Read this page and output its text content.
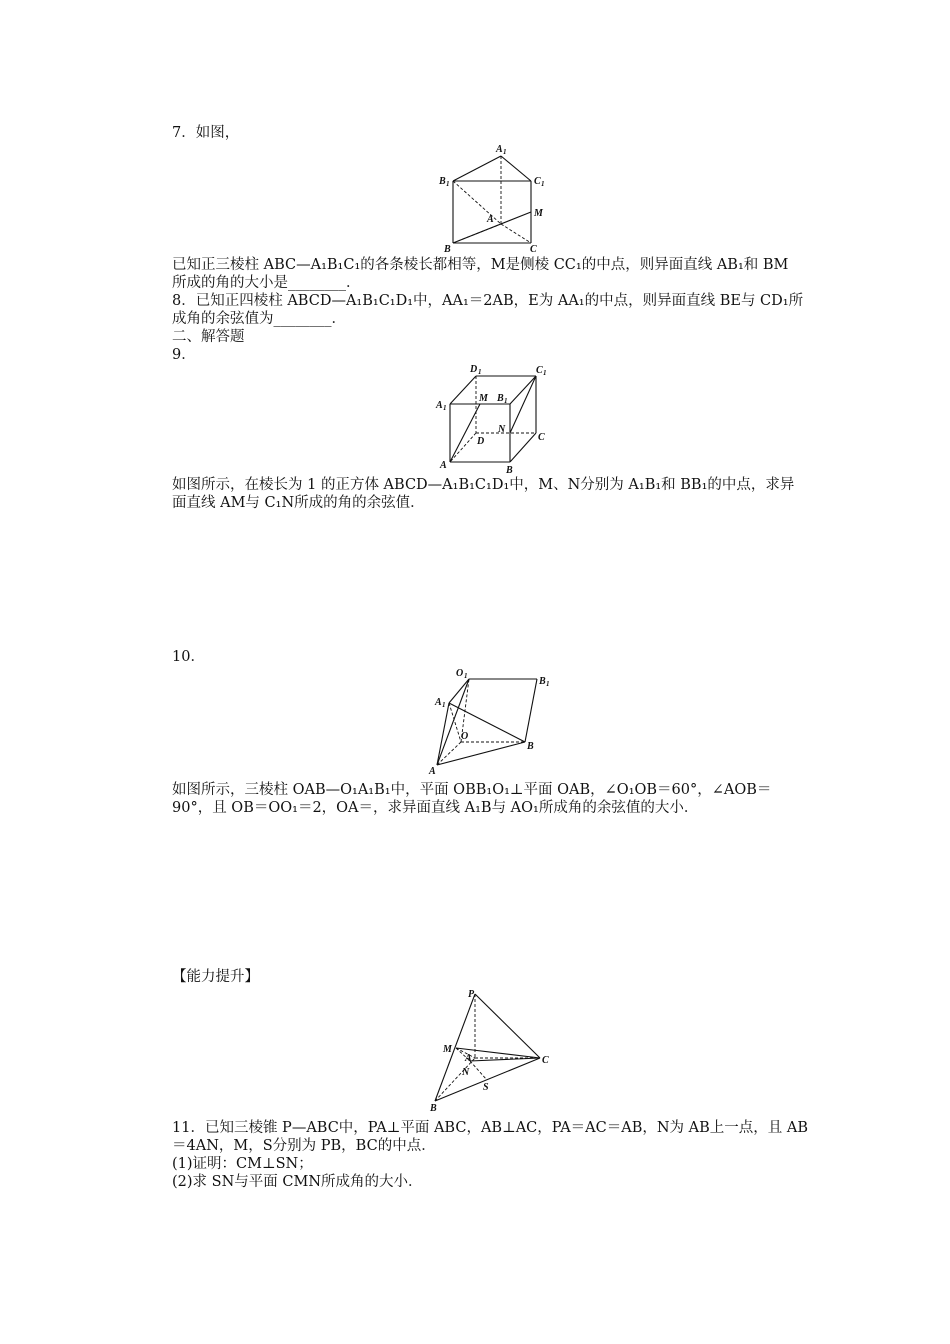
7．如图，
A 1
B 1	C 1
A
M
B	C
已知正三棱柱 ABC—A₁B₁C₁的各条棱长都相等，M是侧棱 CC₁的中点，则异面直线 AB₁和 BM
所成的角的大小是________．
8．已知正四棱柱 ABCD—A₁B₁C₁D₁中，AA₁＝2AB，E为 AA₁的中点，则异面直线 BE与 CD₁所
成角的余弦值为________．
二、解答题
9．
D 1	C 1
A 1
M B 1
N
D	C
A	B
如图所示，在棱长为 1 的正方体 ABCD—A₁B₁C₁D₁中，M、N分别为 A₁B₁和 BB₁的中点，求异
面直线 AM与 C₁N所成的角的余弦值．
10．
O 1	B 1
A 1
O
B
A
如图所示，三棱柱 OAB—O₁A₁B₁中，平面 OBB₁O₁⊥平面 OAB，∠O₁OB＝60°，∠AOB＝
90°，且 OB＝OO₁＝2，OA＝，求异面直线 A₁B与 AO₁所成角的余弦值的大小．
【能力提升】
P
M
A	C
N
S
B
11．已知三棱锥 P—ABC中，PA⊥平面 ABC，AB⊥AC，PA＝AC＝AB，N为 AB上一点，且 AB
＝4AN，M，S分别为 PB，BC的中点．
(1)证明：CM⊥SN；
(2)求 SN与平面 CMN所成角的大小．
